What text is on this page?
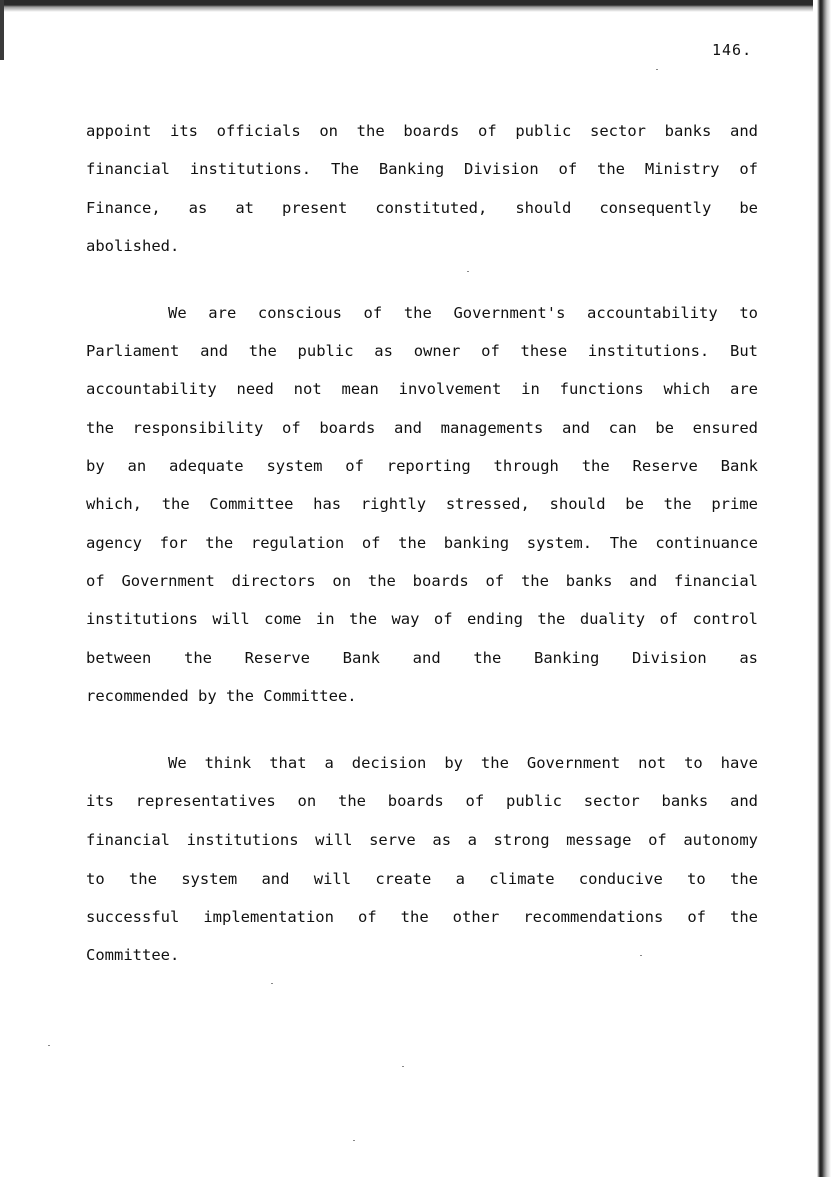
146.
appoint its officials on the boards of public sector banks and
financial institutions. The Banking Division of the Ministry of
Finance, as at present constituted, should consequently be
abolished.
We are conscious of the Government's accountability to
Parliament and the public as owner of these institutions. But
accountability need not mean involvement in functions which are
the responsibility of boards and managements and can be ensured
by an adequate system of reporting through the Reserve Bank
which, the Committee has rightly stressed, should be the prime
agency for the regulation of the banking system. The continuance
of Government directors on the boards of the banks and financial
institutions will come in the way of ending the duality of control
between the Reserve Bank and the Banking Division as
recommended by the Committee.
We think that a decision by the Government not to have
its representatives on the boards of public sector banks and
financial institutions will serve as a strong message of autonomy
to the system and will create a climate conducive to the
successful implementation of the other recommendations of the
Committee.
